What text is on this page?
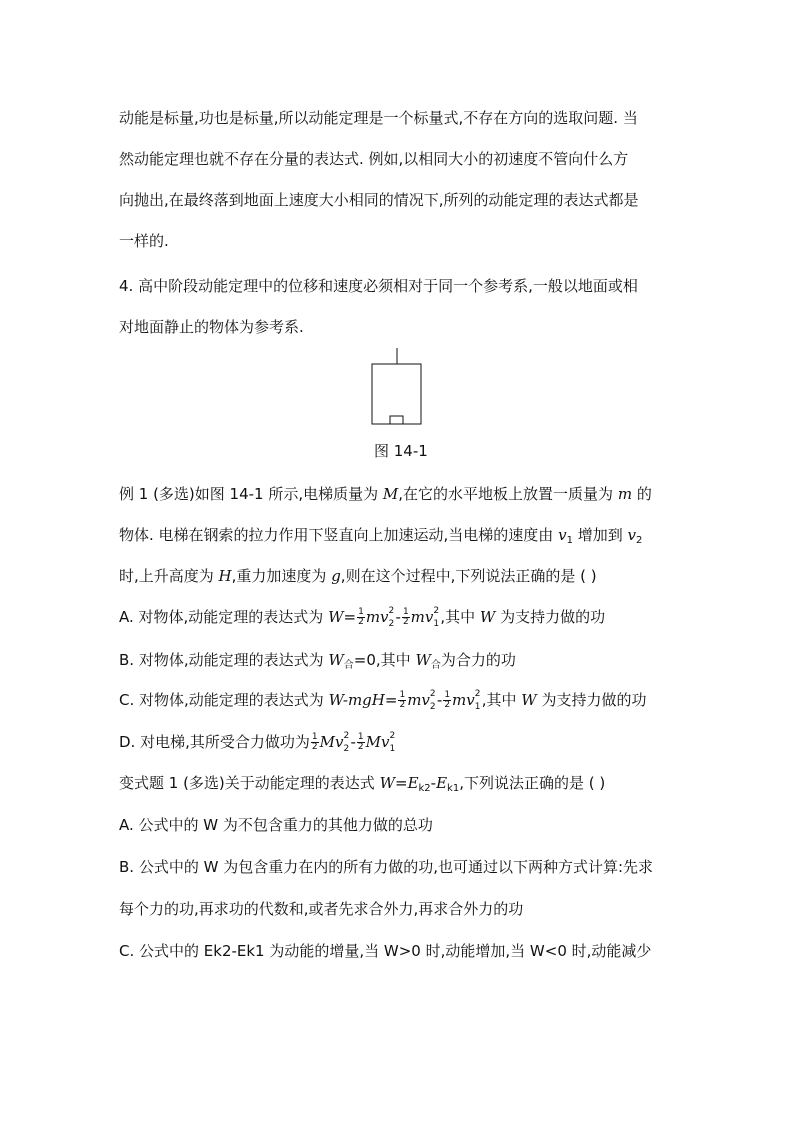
动能是标量,功也是标量,所以动能定理是一个标量式,不存在方向的选取问题. 当
然动能定理也就不存在分量的表达式. 例如,以相同大小的初速度不管向什么方
向抛出,在最终落到地面上速度大小相同的情况下,所列的动能定理的表达式都是
一样的.
4. 高中阶段动能定理中的位移和速度必须相对于同一个参考系,一般以地面或相
对地面静止的物体为参考系.
图 14-1
例 1 (多选)如图 14-1 所示,电梯质量为 M,在它的水平地板上放置一质量为 m 的
物体. 电梯在钢索的拉力作用下竖直向上加速运动,当电梯的速度由 $v_1$ 增加到 $v_2$
时,上升高度为 H,重力加速度为 g,则在这个过程中,下列说法正确的是 ( )
A. 对物体,动能定理的表达式为 $W= \frac{1}{2}$ mv 2
$2 - \frac{1}{2}$ mv 2
1 ,其中 W 为支持力做的功
B. 对物体,动能定理的表达式为 $W_合=0$,其中 $W_合$为合力的功
C. 对物体,动能定理的表达式为 $W-mgH= \frac{1}{2}$ mv 2
$2 - \frac{1}{2}$ mv 2
1 ,其中 W 为支持力做的功
D. 对电梯,其所受合力做功为 $\frac{1}{2}$ Mv 2
$2 - \frac{1}{2}$ Mv 2
1
变式题 1 (多选)关于动能定理的表达式 $W=E_{k2}-E_{k1}$,下列说法正确的是 ( )
A. 公式中的 W 为不包含重力的其他力做的总功
B. 公式中的 W 为包含重力在内的所有力做的功,也可通过以下两种方式计算:先求
每个力的功,再求功的代数和,或者先求合外力,再求合外力的功
C. 公式中的 Ek2-Ek1 为动能的增量,当 W>0 时,动能增加,当 W<0 时,动能减少
